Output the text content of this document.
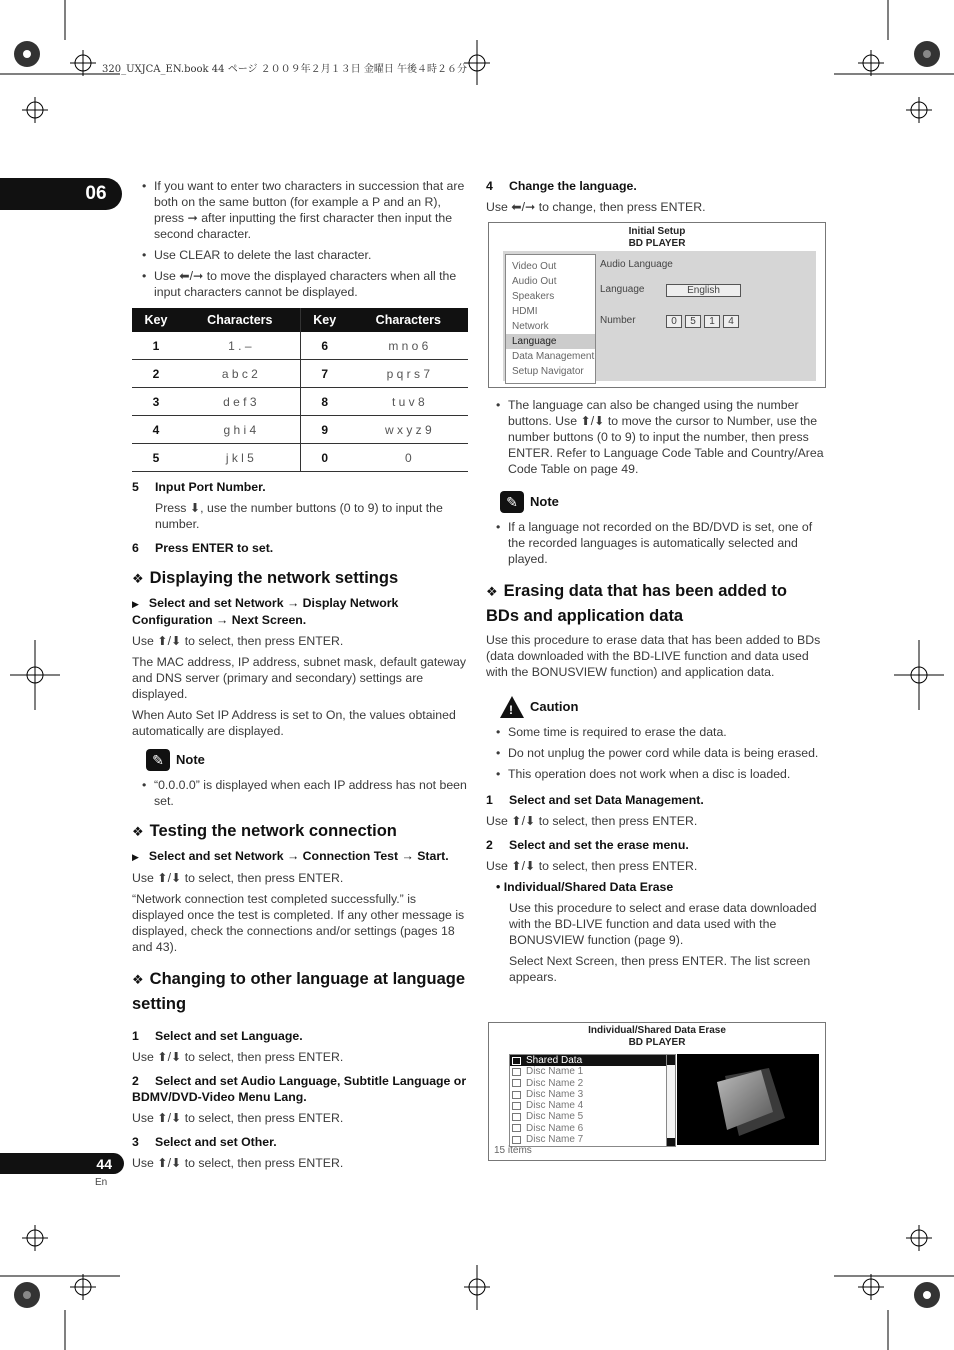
320_UXJCA_EN.book 44 ページ ２００９年２月１３日 金曜日 午後４時２６分
06
44
En

• If you want to enter two characters in succession that are both on the same button (for example a P and an R), press ➞ after inputting the first character then input the second character.

• Use CLEAR to delete the last character.

• Use ⬅/➞ to move the displayed characters when all the input characters cannot be displayed.

Key	Characters	Key	Characters
1	1 . –	6	m n o 6
2	a b c 2	7	p q r s 7
3	d e f 3	8	t u v 8
4	g h i 4	9	w x y z 9
5	j k l 5	0	0

5 Input Port Number.

Press ⬇, use the number buttons (0 to 9) to input the number.

6 Press ENTER to set.

❖ Displaying the network settings

▶ Select and set Network → Display Network Configuration → Next Screen.

Use ⬆/⬇ to select, then press ENTER.

The MAC address, IP address, subnet mask, default gateway and DNS server (primary and secondary) settings are displayed.

When Auto Set IP Address is set to On, the values obtained automatically are displayed.

✎ Note

• “0.0.0.0” is displayed when each IP address has not been set.

❖ Testing the network connection

▶ Select and set Network → Connection Test → Start.

Use ⬆/⬇ to select, then press ENTER.

“Network connection test completed successfully.” is displayed once the test is completed. If any other message is displayed, check the connections and/or settings (pages 18 and 43).

❖ Changing to other language at language setting

1 Select and set Language.

Use ⬆/⬇ to select, then press ENTER.

2 Select and set Audio Language, Subtitle Language or BDMV/DVD-Video Menu Lang.

Use ⬆/⬇ to select, then press ENTER.

3 Select and set Other.

Use ⬆/⬇ to select, then press ENTER.

4 Change the language.

Use ⬅/➞ to change, then press ENTER.

Initial Setup
BD PLAYER
Video Out
Audio Out
Speakers
HDMI
Network
Language
Data Management
Setup Navigator
Audio Language
Language	English
Number	0	5	1	4

• The language can also be changed using the number buttons. Use ⬆/⬇ to move the cursor to Number, use the number buttons (0 to 9) to input the number, then press ENTER. Refer to Language Code Table and Country/Area Code Table on page 49.

✎ Note

• If a language not recorded on the BD/DVD is set, one of the recorded languages is automatically selected and played.

❖ Erasing data that has been added to BDs and application data

Use this procedure to erase data that has been added to BDs (data downloaded with the BD-LIVE function and data used with the BONUSVIEW function) and application data.

! Caution

• Some time is required to erase the data.

• Do not unplug the power cord while data is being erased.

• This operation does not work when a disc is loaded.

1 Select and set Data Management.

Use ⬆/⬇ to select, then press ENTER.

2 Select and set the erase menu.

Use ⬆/⬇ to select, then press ENTER.

• Individual/Shared Data Erase

Use this procedure to select and erase data downloaded with the BD-LIVE function and data used with the BONUSVIEW function (page 9).

Select Next Screen, then press ENTER. The list screen appears.

Individual/Shared Data Erase
BD PLAYER
Shared Data
Disc Name 1
Disc Name 2
Disc Name 3
Disc Name 4
Disc Name 5
Disc Name 6
Disc Name 7
15 items
